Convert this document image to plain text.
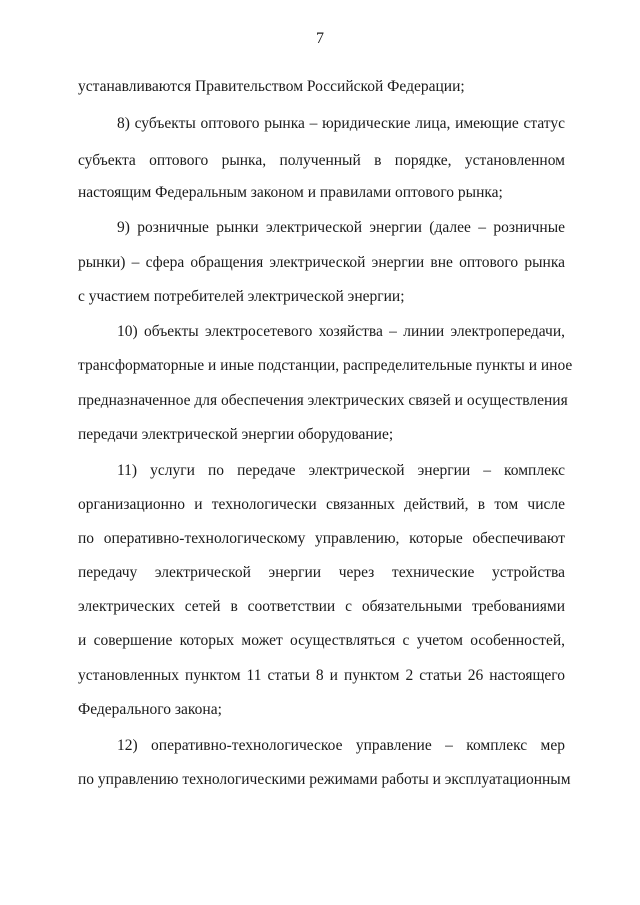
7
устанавливаются Правительством Российской Федерации;
8) субъекты оптового рынка – юридические лица, имеющие статус
субъекта оптового рынка, полученный в порядке, установленном
настоящим Федеральным законом и правилами оптового рынка;
9) розничные рынки электрической энергии (далее – розничные
рынки) – сфера обращения электрической энергии вне оптового рынка
с участием потребителей электрической энергии;
10) объекты электросетевого хозяйства – линии электропередачи,
трансформаторные и иные подстанции, распределительные пункты и иное
предназначенное для обеспечения электрических связей и осуществления
передачи электрической энергии оборудование;
11) услуги по передаче электрической энергии – комплекс
организационно и технологически связанных действий, в том числе
по оперативно-технологическому управлению, которые обеспечивают
передачу электрической энергии через технические устройства
электрических сетей в соответствии с обязательными требованиями
и совершение которых может осуществляться с учетом особенностей,
установленных пунктом 11 статьи 8 и пунктом 2 статьи 26 настоящего
Федерального закона;
12) оперативно-технологическое управление – комплекс мер
по управлению технологическими режимами работы и эксплуатационным
